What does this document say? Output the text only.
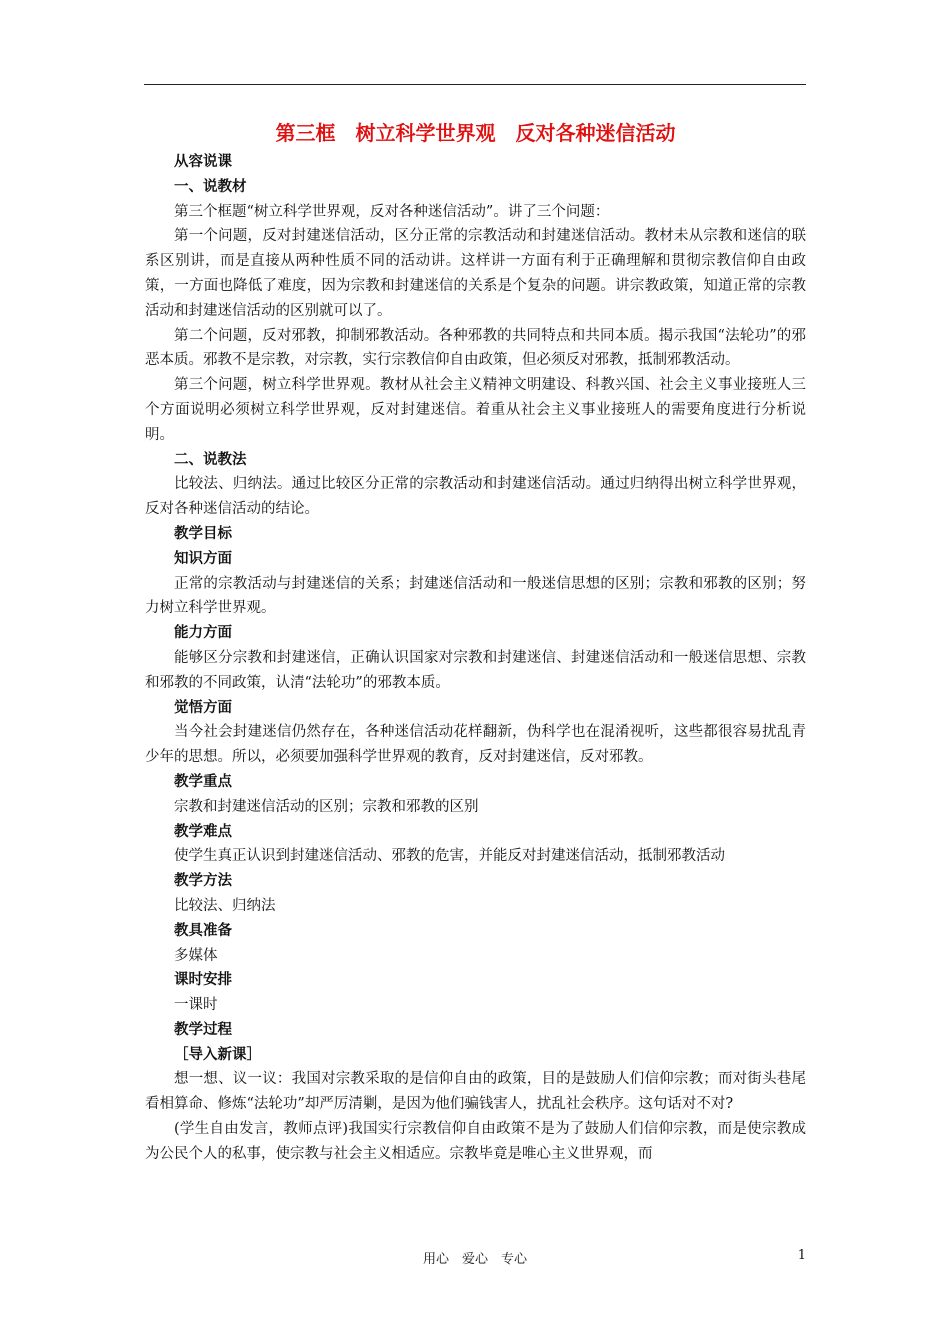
第三框　树立科学世界观　反对各种迷信活动

从容说课

一、说教材

第三个框题“树立科学世界观，反对各种迷信活动”。讲了三个问题：

第一个问题，反对封建迷信活动，区分正常的宗教活动和封建迷信活动。教材未从宗教和迷信的联系区别讲，而是直接从两种性质不同的活动讲。这样讲一方面有利于正确理解和贯彻宗教信仰自由政策，一方面也降低了难度，因为宗教和封建迷信的关系是个复杂的问题。讲宗教政策，知道正常的宗教活动和封建迷信活动的区别就可以了。

第二个问题，反对邪教，抑制邪教活动。各种邪教的共同特点和共同本质。揭示我国“法轮功”的邪恶本质。邪教不是宗教，对宗教，实行宗教信仰自由政策，但必须反对邪教，抵制邪教活动。

第三个问题，树立科学世界观。教材从社会主义精神文明建设、科教兴国、社会主义事业接班人三个方面说明必须树立科学世界观，反对封建迷信。着重从社会主义事业接班人的需要角度进行分析说明。

二、说教法

比较法、归纳法。通过比较区分正常的宗教活动和封建迷信活动。通过归纳得出树立科学世界观，反对各种迷信活动的结论。

教学目标

知识方面

正常的宗教活动与封建迷信的关系；封建迷信活动和一般迷信思想的区别；宗教和邪教的区别；努力树立科学世界观。

能力方面

能够区分宗教和封建迷信，正确认识国家对宗教和封建迷信、封建迷信活动和一般迷信思想、宗教和邪教的不同政策，认清“法轮功”的邪教本质。

觉悟方面

当今社会封建迷信仍然存在，各种迷信活动花样翻新，伪科学也在混淆视听，这些都很容易扰乱青少年的思想。所以，必须要加强科学世界观的教育，反对封建迷信，反对邪教。

教学重点

宗教和封建迷信活动的区别；宗教和邪教的区别

教学难点

使学生真正认识到封建迷信活动、邪教的危害，并能反对封建迷信活动，抵制邪教活动

教学方法

比较法、归纳法

教具准备

多媒体

课时安排

一课时

教学过程

［导入新课］

想一想、议一议：我国对宗教采取的是信仰自由的政策，目的是鼓励人们信仰宗教；而对街头巷尾看相算命、修炼“法轮功”却严厉清剿，是因为他们骗钱害人，扰乱社会秩序。这句话对不对?

(学生自由发言，教师点评)我国实行宗教信仰自由政策不是为了鼓励人们信仰宗教，而是使宗教成为公民个人的私事，使宗教与社会主义相适应。宗教毕竟是唯心主义世界观，而

用心　爱心　专心	1
